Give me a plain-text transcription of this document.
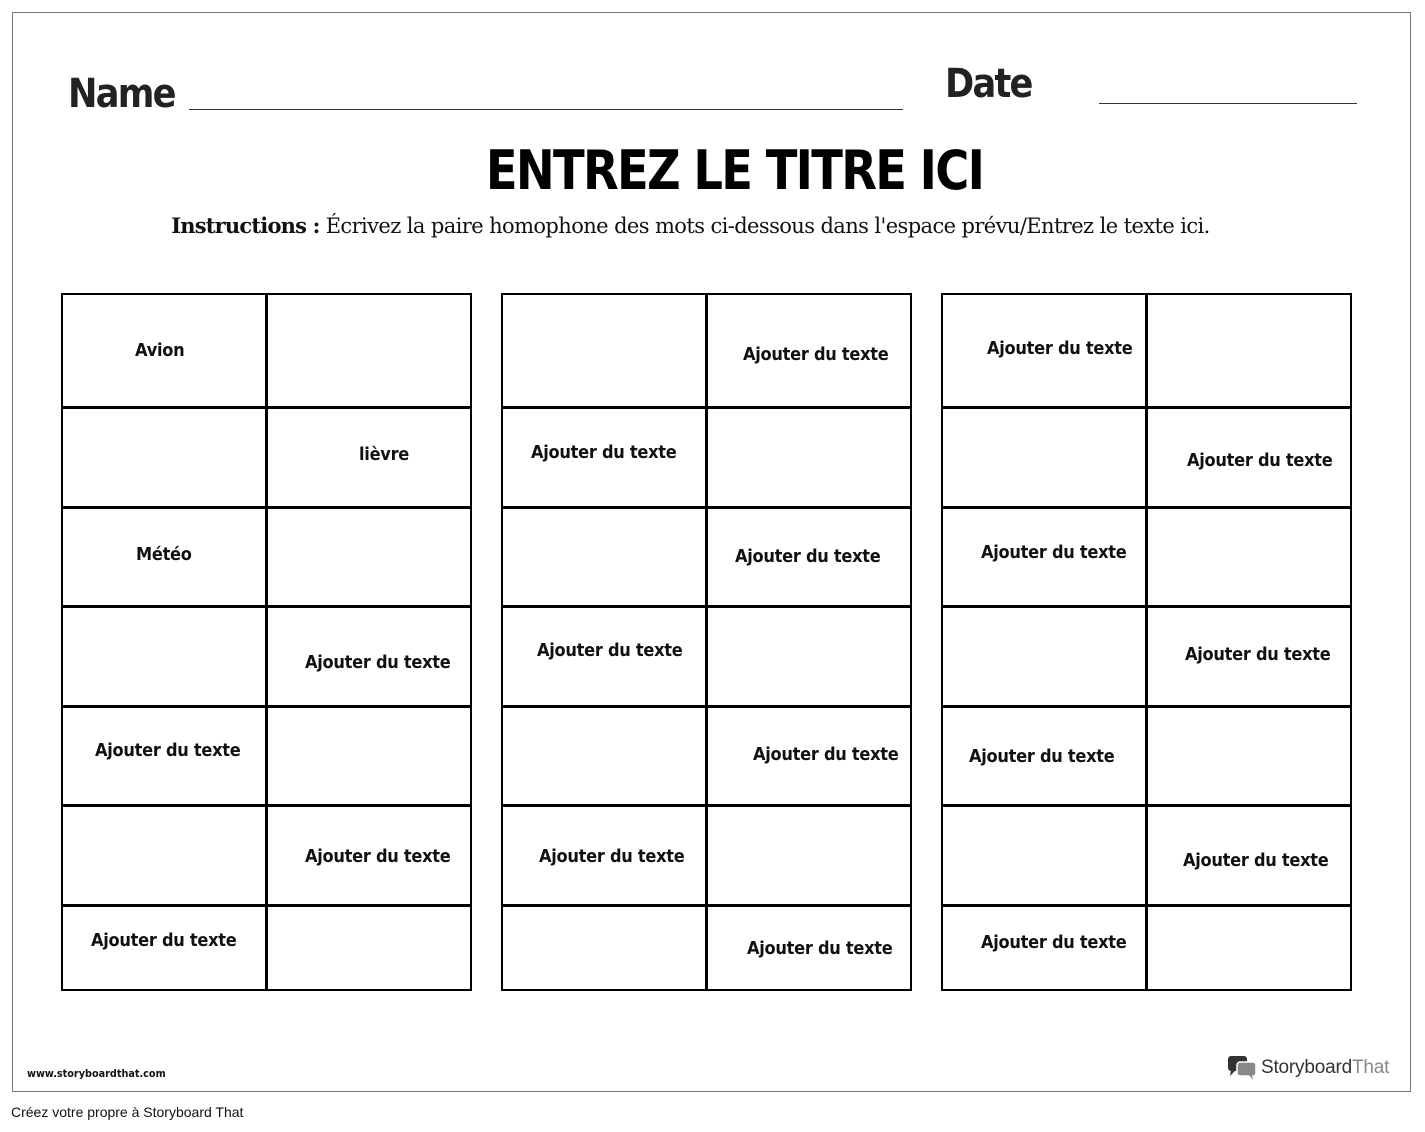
Name	Date
ENTREZ LE TITRE ICI
Instructions : Écrivez la paire homophone des mots ci-dessous dans l'espace prévu/Entrez le texte ici.
Avion
lièvre
Météo
Ajouter du texte
Ajouter du texte
Ajouter du texte
Ajouter du texte
Ajouter du texte
Ajouter du texte
Ajouter du texte
Ajouter du texte
Ajouter du texte
Ajouter du texte
Ajouter du texte
Ajouter du texte
Ajouter du texte
Ajouter du texte
Ajouter du texte
Ajouter du texte
Ajouter du texte
Ajouter du texte
www.storyboardthat.com	StoryboardThat
Créez votre propre à Storyboard That
